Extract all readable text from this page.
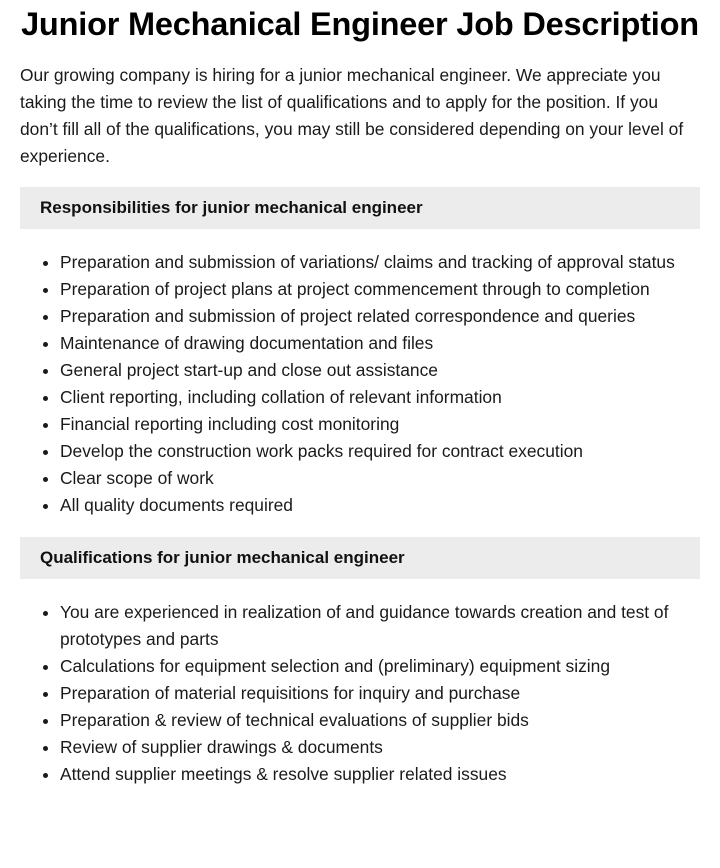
Junior Mechanical Engineer Job Description

Our growing company is hiring for a junior mechanical engineer. We appreciate you taking the time to review the list of qualifications and to apply for the position. If you don’t fill all of the qualifications, you may still be considered depending on your level of experience.

Responsibilities for junior mechanical engineer
Preparation and submission of variations/ claims and tracking of approval status
Preparation of project plans at project commencement through to completion
Preparation and submission of project related correspondence and queries
Maintenance of drawing documentation and files
General project start-up and close out assistance
Client reporting, including collation of relevant information
Financial reporting including cost monitoring
Develop the construction work packs required for contract execution
Clear scope of work
All quality documents required
Qualifications for junior mechanical engineer
You are experienced in realization of and guidance towards creation and test of prototypes and parts
Calculations for equipment selection and (preliminary) equipment sizing
Preparation of material requisitions for inquiry and purchase
Preparation & review of technical evaluations of supplier bids
Review of supplier drawings & documents
Attend supplier meetings & resolve supplier related issues
